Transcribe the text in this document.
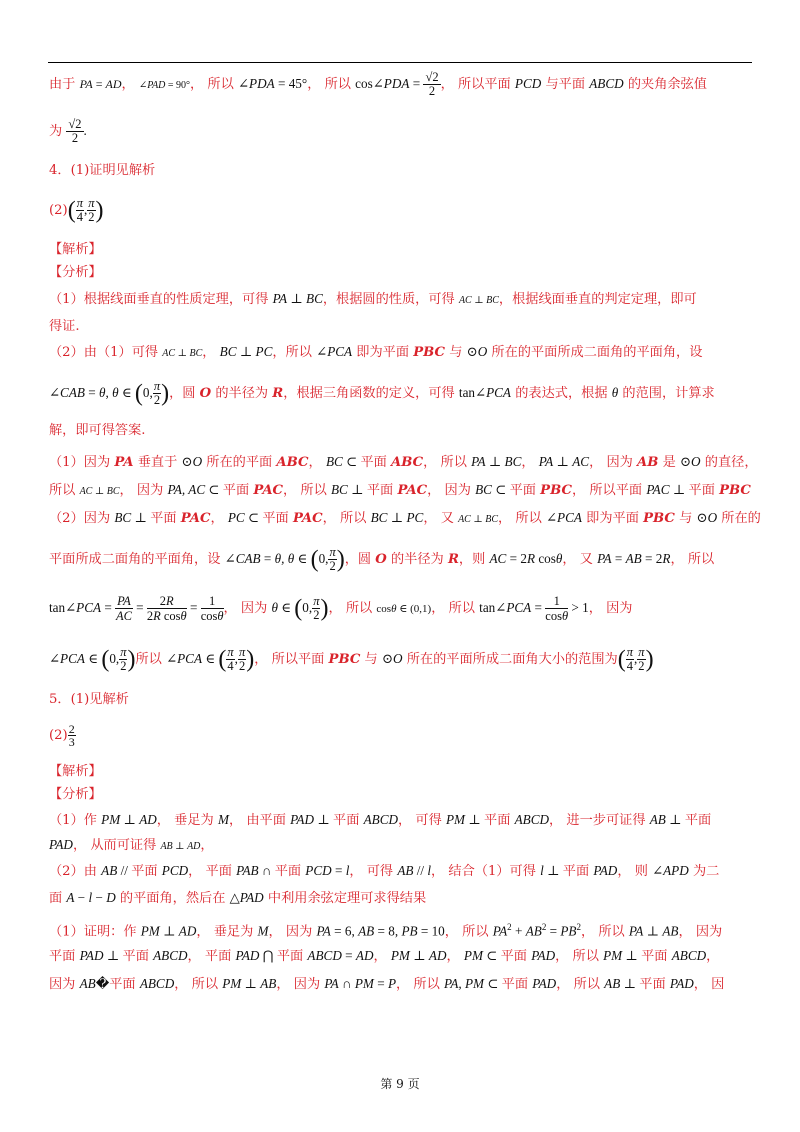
由于 PA = AD， ∠PAD = 90°， 所以 ∠PDA = 45°， 所以 cos∠PDA = $\frac{√2}{2}$ ， 所以平面 PCD 与平面 ABCD 的夹角余弦值
为 $\frac{√2}{2}$ .
4．(1)证明见解析
$(2)( \frac{\pi}{4}$ , $\frac{\pi}{2}$ )
【解析】
【分析】
（1）根据线面垂直的性质定理，可得 PA ⊥ BC，根据圆的性质，可得 AC ⊥ BC，根据线面垂直的判定定理，即可
得证.
（2）由（1）可得 AC ⊥ BC， BC ⊥ PC，所以 ∠PCA 即为平面 PBC 与 ⊙O 所在的平面所成二面角的平面角，设
∠CAB = θ, θ ∈ (0, $\frac{\pi}{2}$ )，圆 O 的半径为 R，根据三角函数的定义，可得 tan∠PCA 的表达式，根据 θ 的范围，计算求
解，即可得答案.
（1）因为 PA 垂直于 ⊙O 所在的平面 ABC， BC ⊂ 平面 ABC， 所以 PA ⊥ BC， PA ⊥ AC， 因为 AB 是 ⊙O 的直径，
所以 AC ⊥ BC， 因为 PA, AC ⊂ 平面 PAC， 所以 BC ⊥ 平面 PAC， 因为 BC ⊂ 平面 PBC， 所以平面 PAC ⊥ 平面 PBC
（2）因为 BC ⊥ 平面 PAC， PC ⊂ 平面 PAC， 所以 BC ⊥ PC， 又 AC ⊥ BC， 所以 ∠PCA 即为平面 PBC 与 ⊙O 所在的
平面所成二面角的平面角，设 ∠CAB = θ, θ ∈ (0, $\frac{\pi}{2}$ )，圆 O 的半径为 R，则 AC = 2R cosθ， 又 PA = AB = 2R， 所以
tan∠PCA = $\frac{PA}{AC} = \frac{2R}{\text{2R cosθ}} = \frac{1}{\cos\theta}$ ， 因为 θ ∈ (0, $\frac{\pi}{2}$ )， 所以 cosθ ∈ (0,1)， 所以 tan∠PCA = $\frac{1}{\cos\theta} > 1$， 因为
∠PCA ∈ (0, $\frac{\pi}{2}$ )所以 ∠PCA ∈ ( $\frac{\pi}{4}$ , $\frac{\pi}{2}$ )， 所以平面 PBC 与 ⊙O 所在的平面所成二面角大小的范围为( $\frac{\pi}{4}$ , $\frac{\pi}{2}$ )
5．(1)见解析
$(2) \frac{2}{3}$
【解析】
【分析】
（1）作 PM ⊥ AD， 垂足为 M， 由平面 PAD ⊥ 平面 ABCD， 可得 PM ⊥ 平面 ABCD， 进一步可证得 AB ⊥ 平面
PAD， 从而可证得 AB ⊥ AD，
（2）由 AB // 平面 PCD， 平面 PAB ∩ 平面 PCD = l， 可得 AB // l， 结合（1）可得 l ⊥ 平面 PAD， 则 ∠APD 为二
面 A − l − D 的平面角，然后在 △PAD 中利用余弦定理可求得结果
（1）证明：作 PM ⊥ AD， 垂足为 M， 因为 PA = 6, AB = 8, PB = 10， 所以 $PA^2 + AB^2 = PB^2$， 所以 PA ⊥ AB， 因为
平面 PAD ⊥ 平面 ABCD， 平面 PAD ⋂ 平面 ABCD = AD， PM ⊥ AD， PM ⊂ 平面 PAD， 所以 PM ⊥ 平面 ABCD，
因为 AB�平面 ABCD， 所以 PM ⊥ AB， 因为 PA ∩ PM = P， 所以 PA, PM ⊂ 平面 PAD， 所以 AB ⊥ 平面 PAD， 因
第 9 页
